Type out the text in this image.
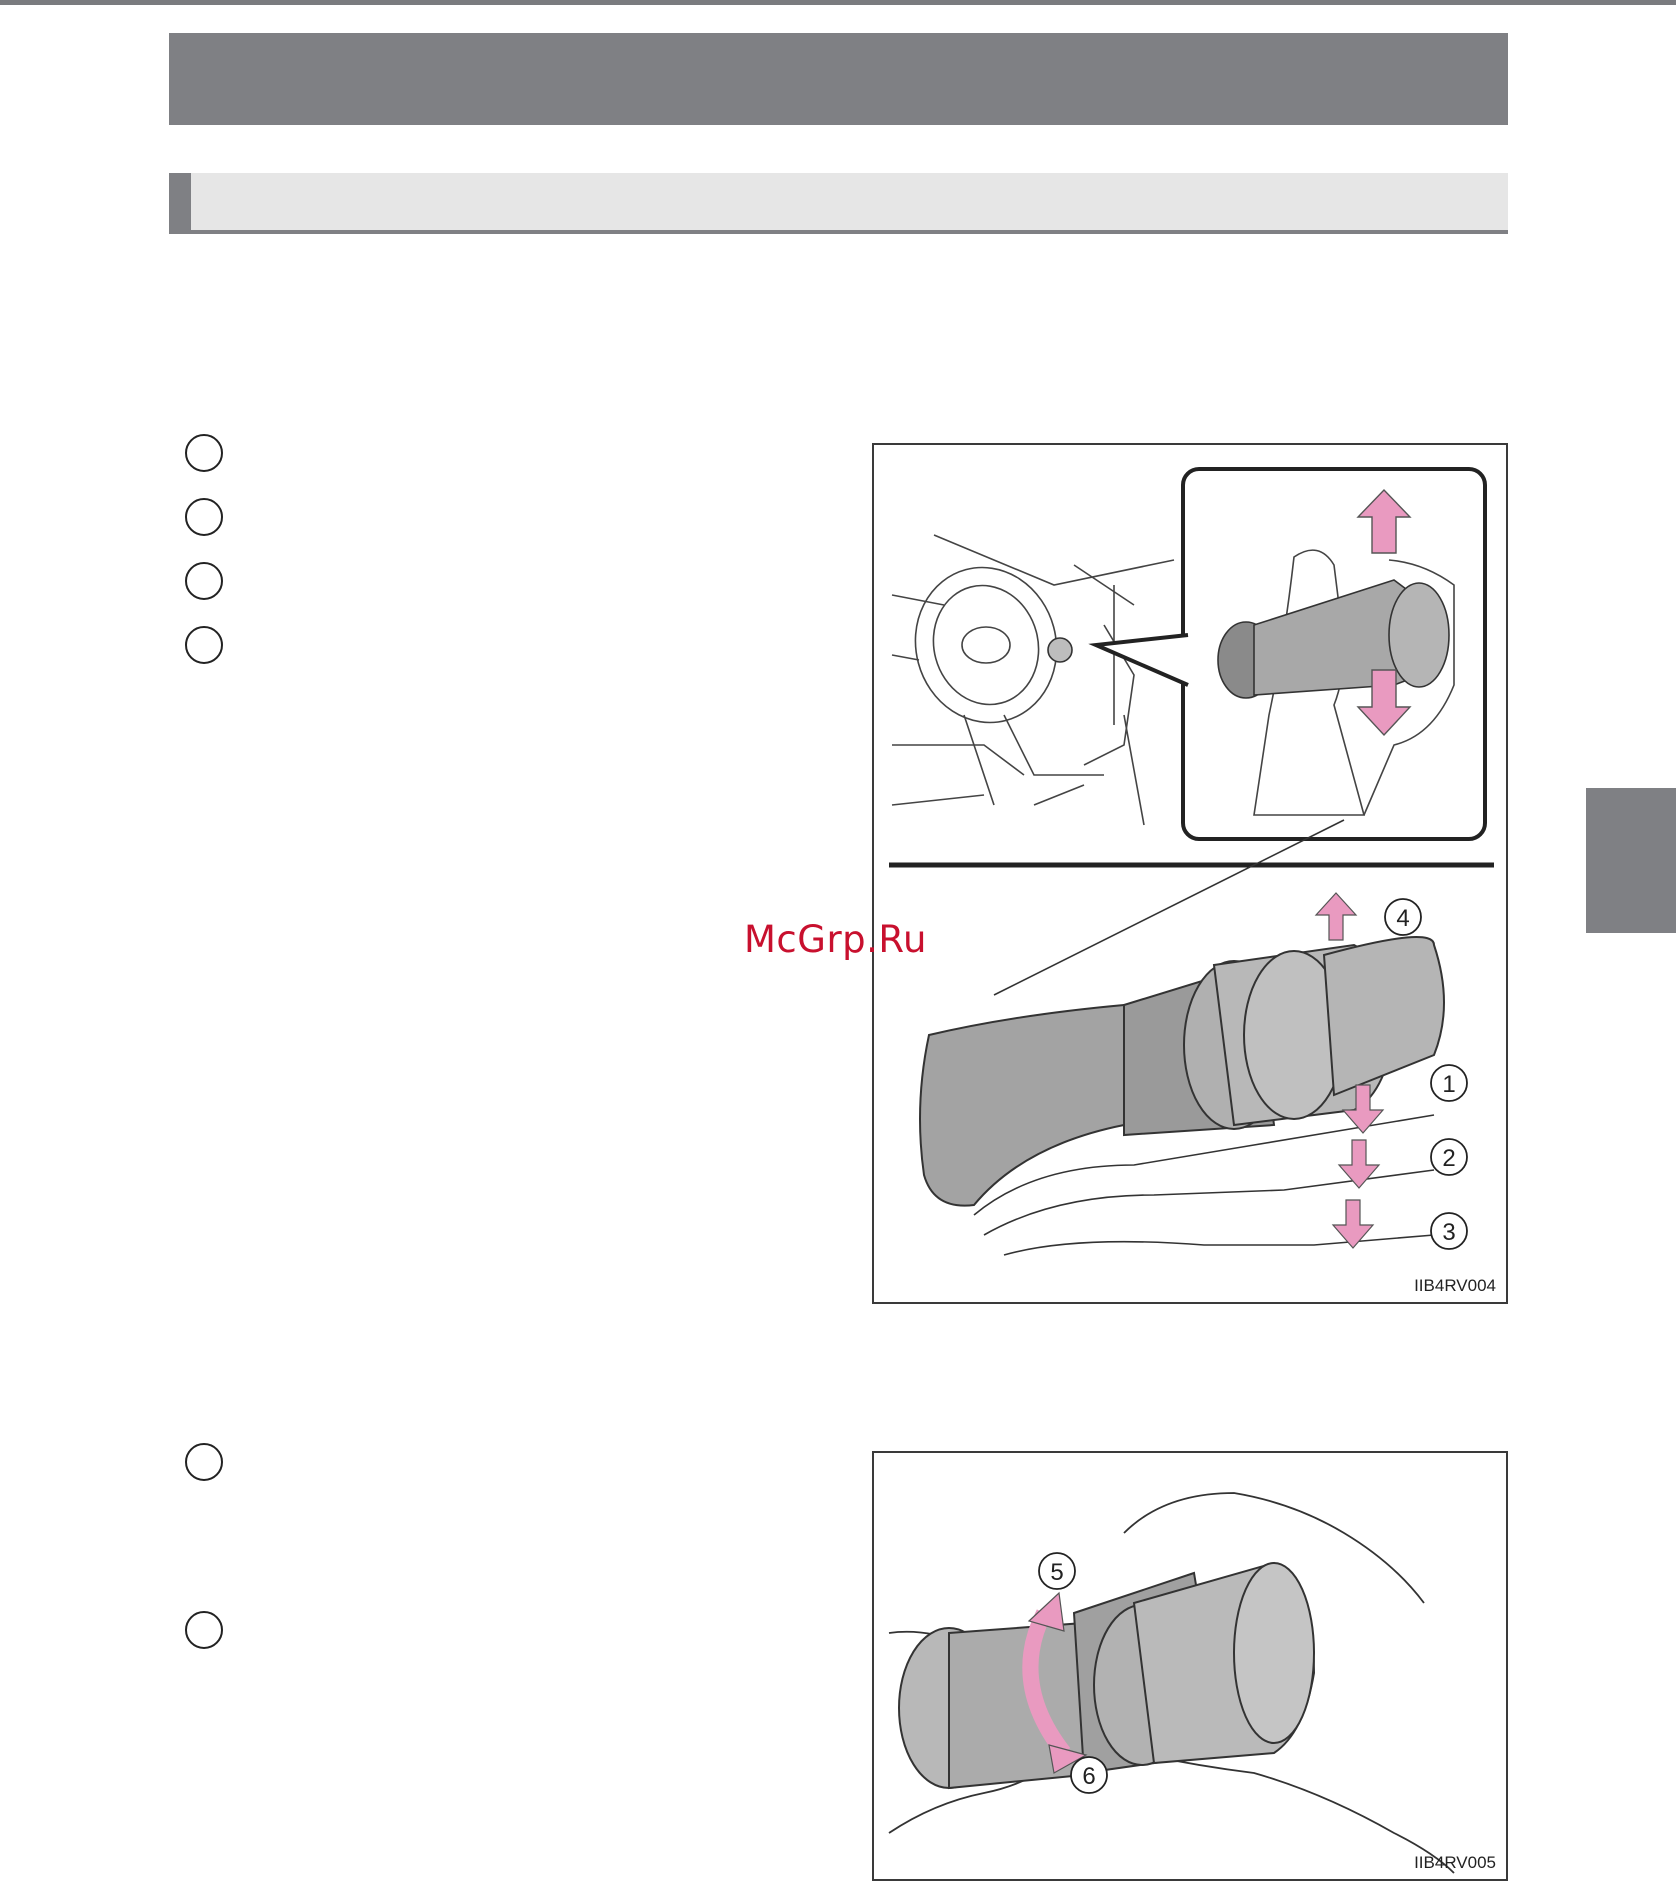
4
1
2
3
IIB4RV004
5
6
IIB4RV005
McGrp.Ru
